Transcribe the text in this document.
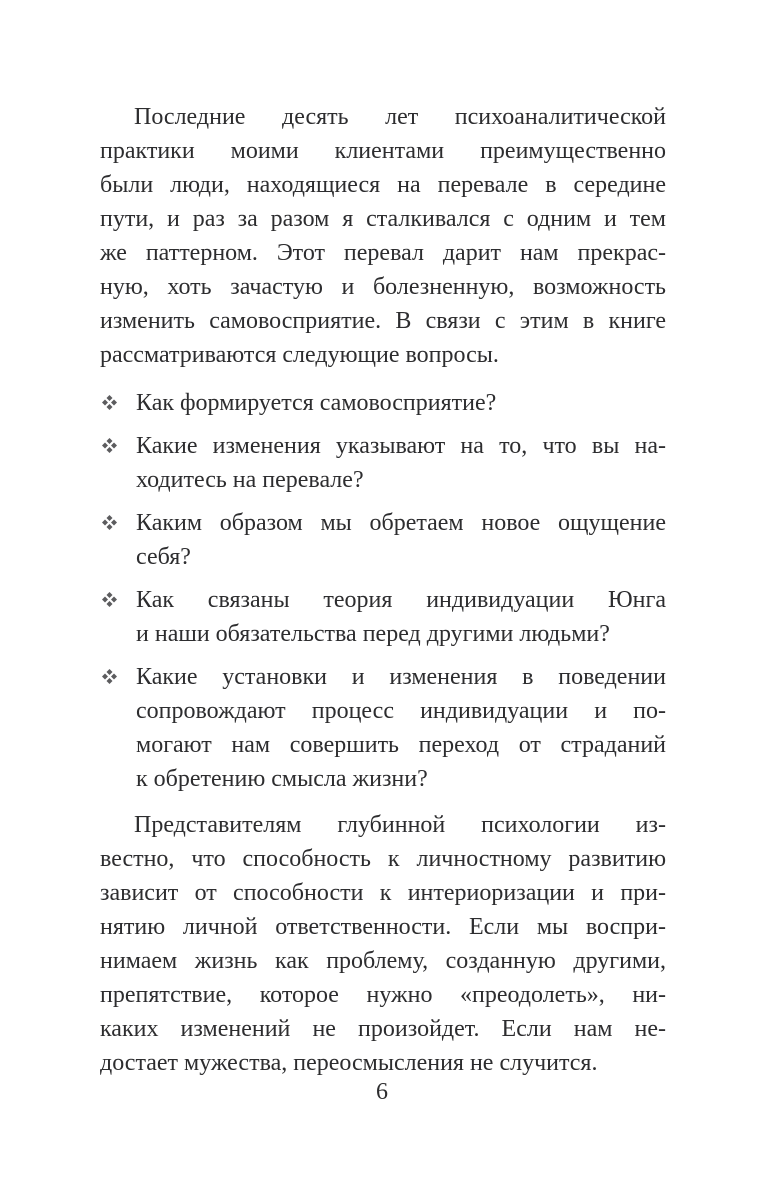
Последние десять лет психоаналитической
практики моими клиентами преимущественно
были люди, находящиеся на перевале в середине
пути, и раз за разом я сталкивался с одним и тем
же паттерном. Этот перевал дарит нам прекрас-
ную, хоть зачастую и болезненную, возможность
изменить самовосприятие. В связи с этим в книге
рассматриваются следующие вопросы.
Как формируется самовосприятие?
Какие изменения указывают на то, что вы на-
ходитесь на перевале?
Каким образом мы обретаем новое ощущение
себя?
Как связаны теория индивидуации Юнга
и наши обязательства перед другими людьми?
Какие установки и изменения в поведении
сопровождают процесс индивидуации и по-
могают нам совершить переход от страданий
к обретению смысла жизни?
Представителям глубинной психологии из-
вестно, что способность к личностному развитию
зависит от способности к интериоризации и при-
нятию личной ответственности. Если мы воспри-
нимаем жизнь как проблему, созданную другими,
препятствие, которое нужно «преодолеть», ни-
каких изменений не произойдет. Если нам не-
достает мужества, переосмысления не случится.
6
